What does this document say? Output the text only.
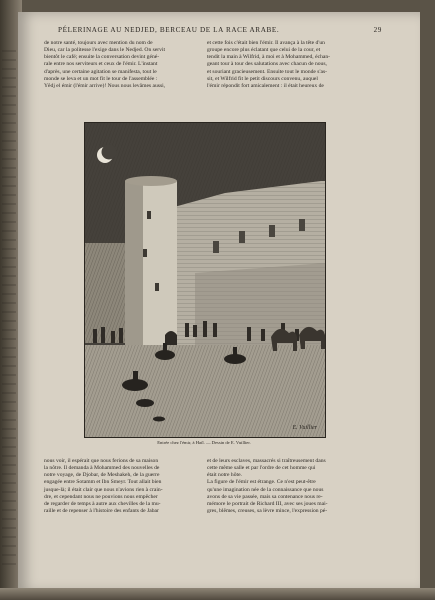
PÉLERINAGE AU NEDJED, BERCEAU DE LA RACE ARABE.	29
de notre santé, toujours avec mention du nom de
Dieu, car la politesse l'exige dans le Nedjed. On servit
bientôt le café; ensuite la conversation devint géné-
rale entre nos serviteurs et ceux de l'émir. L'instant
d'après, une certaine agitation se manifesta, tout le
monde se leva et un mot fit le tour de l'assemblée :
Yêdj el émir (l'émir arrive)! Nous nous levâmes aussi,
et cette fois c'était bien l'émir. Il avança à la tête d'un
groupe encore plus éclatant que celui de la cour, et
tendit la main à Wilfrid, à moi et à Mohammed, échan-
geant tour à tour des salutations avec chacun de nous,
et souriant gracieusement. Ensuite tout le monde s'as-
sit, et Wilfrid fit le petit discours convenu, auquel
l'émir répondit fort amicalement : il était heureux de
E. Vuillier
Entrée chez l'émir, à Haïl. — Dessin de E. Vuillier.
nous voir, il espérait que nous ferions de sa maison
la nôtre. Il demanda à Mohammed des nouvelles de
notre voyage, de Djobar, de Meshakeh, de la guerre
engagée entre Sotamm et Ibn Smeyr. Tout allait bien
jusque-là; il était clair que nous n'avions rien à crain-
dre, et cependant nous ne pouvions nous empêcher
de regarder de temps à autre aux chevilles de la mu-
raille et de repenser à l'histoire des enfants de Jabar
et de leurs esclaves, massacrés si traîtreusement dans
cette même salle et par l'ordre de cet homme qui
était notre hôte.
La figure de l'émir est étrange. Ce n'est peut-être
qu'une imagination née de la connaissance que nous
avons de sa vie passée, mais sa contenance nous re-
mémore le portrait de Richard III, avec ses joues mai-
gres, blêmes, creuses, sa lèvre mince, l'expression pé-
